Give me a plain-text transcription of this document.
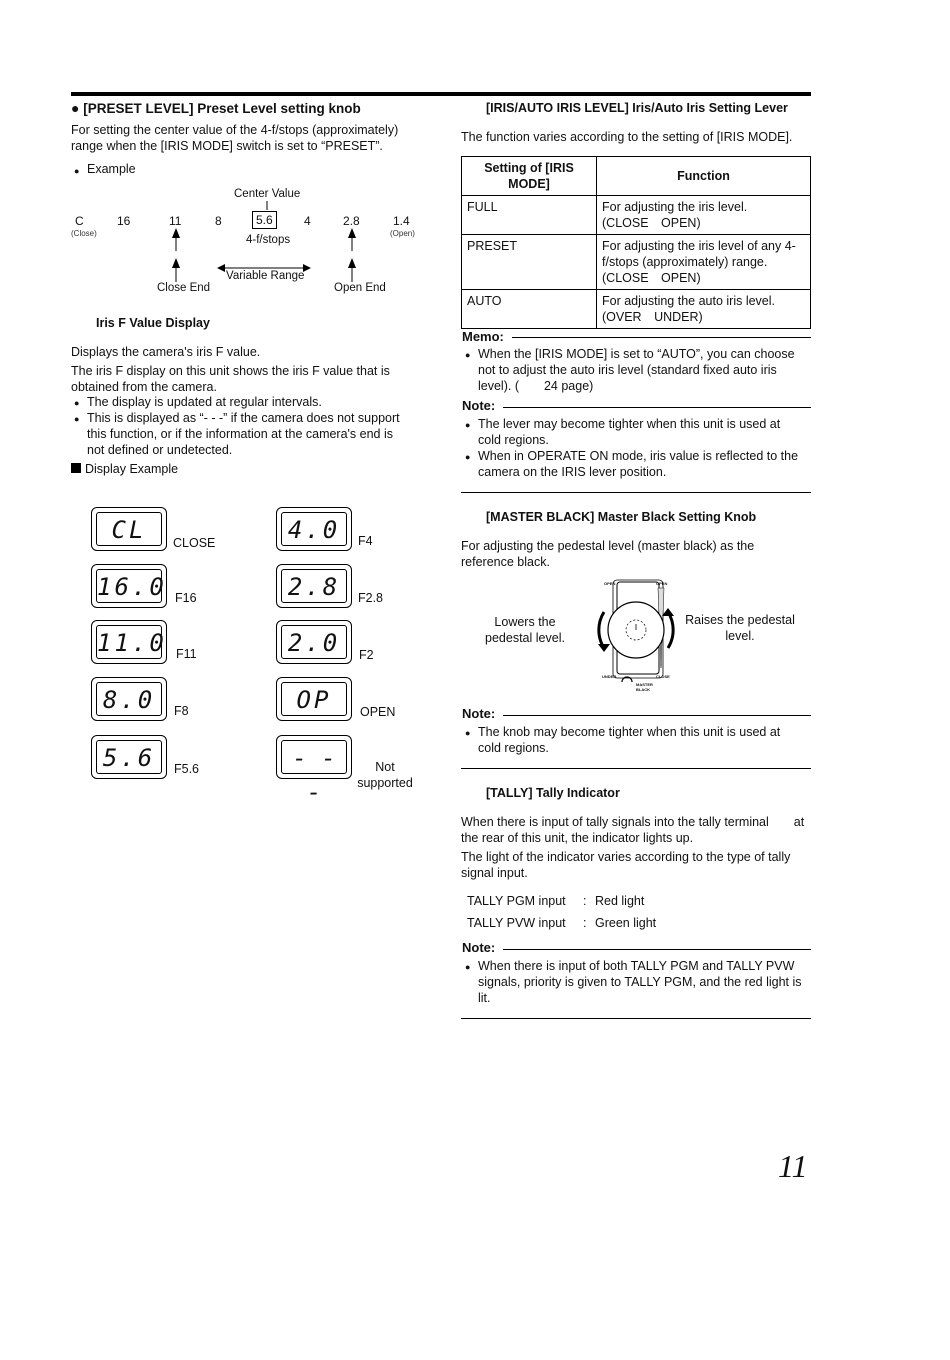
● [PRESET LEVEL] Preset Level setting knob
For setting the center value of the 4-f/stops (approximately)
range when the [IRIS MODE] switch is set to “PRESET”.
● Example
Center Value
C	16	11	8	5.6	4	2.8	1.4
(Close)	(Open)
4-f/stops
Variable Range
Close End	Open End
Iris F Value Display
Displays the camera's iris F value.
The iris F display on this unit shows the iris F value that is
obtained from the camera.
● The display is updated at regular intervals.
● This is displayed as “- - -” if the camera does not support
this function, or if the information at the camera's end is
not defined or undetected.
Display Example
CL	CLOSE
16.0 F16
11.0 F11
8.0	F8
5.6	F5.6
4.0	F4
2.8	F2.8
2.0	F2
OP	OPEN
- - -
Not
supported
[IRIS/AUTO IRIS LEVEL] Iris/Auto Iris Setting Lever
The function varies according to the setting of [IRIS MODE].
Setting of [IRIS
MODE]	Function
FULL	For adjusting the iris level.
(CLOSE OPEN)

PRESET	For adjusting the iris level of any 4-
f/stops (approximately) range.
(CLOSE OPEN)

AUTO	For adjusting the auto iris level.
(OVER UNDER)
Memo:
● When the [IRIS MODE] is set to “AUTO”, you can choose
not to adjust the auto iris level (standard fixed auto iris
level). (  24 page)
Note:
● The lever may become tighter when this unit is used at
cold regions.
● When in OPERATE ON mode, iris value is reflected to the
camera on the IRIS lever position.
[MASTER BLACK] Master Black Setting Knob
For adjusting the pedestal level (master black) as the
reference black.
Lowers the
pedestal level.
Raises the pedestal
level.
OPEN	OPEN
UNDER	CLOSE
MASTER
BLACK
Note:
● The knob may become tighter when this unit is used at
cold regions.
[TALLY] Tally Indicator
When there is input of tally signals into the tally terminal  at
the rear of this unit, the indicator lights up.
The light of the indicator varies according to the type of tally
signal input.
TALLY PGM input : Red light
TALLY PVW input : Green light
Note:
● When there is input of both TALLY PGM and TALLY PVW
signals, priority is given to TALLY PGM, and the red light is
lit.
11
